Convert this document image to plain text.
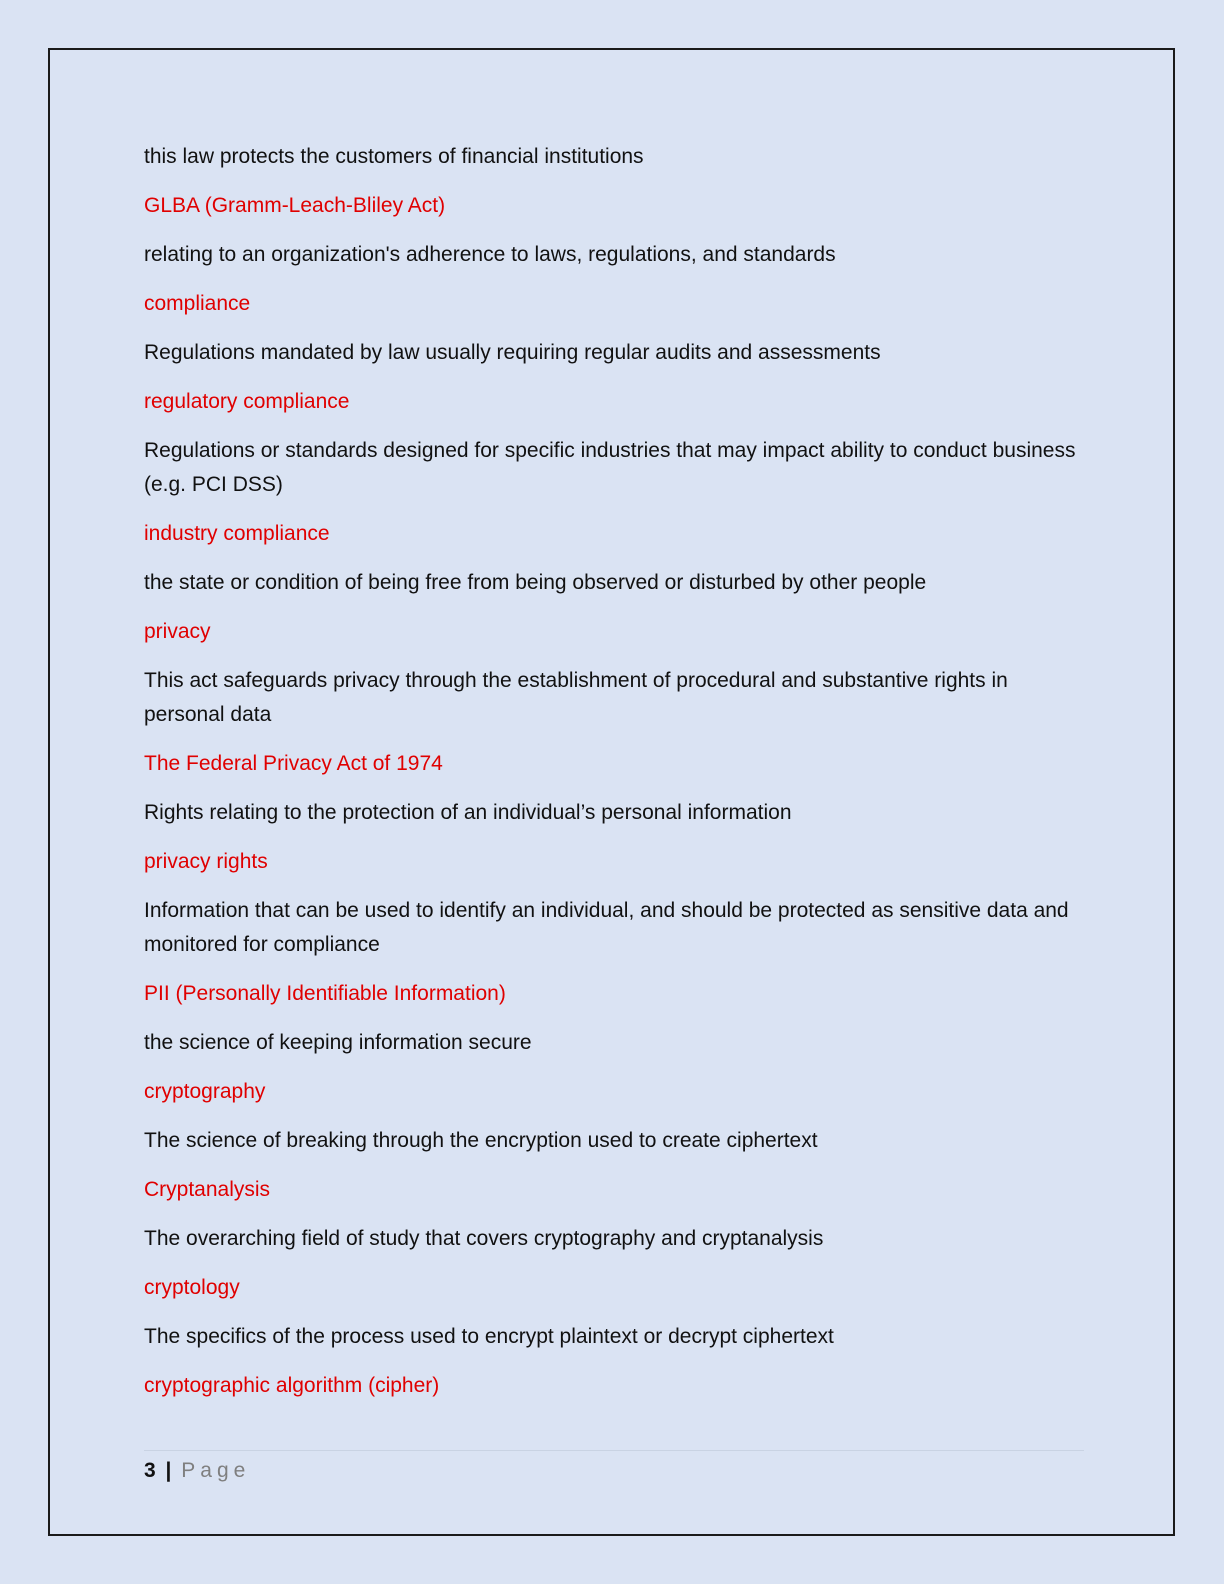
this law protects the customers of financial institutions

GLBA (Gramm-Leach-Bliley Act)

relating to an organization's adherence to laws, regulations, and standards

compliance

Regulations mandated by law usually requiring regular audits and assessments

regulatory compliance

Regulations or standards designed for specific industries that may impact ability to conduct business (e.g. PCI DSS)

industry compliance

the state or condition of being free from being observed or disturbed by other people

privacy

This act safeguards privacy through the establishment of procedural and substantive rights in personal data

The Federal Privacy Act of 1974

Rights relating to the protection of an individual’s personal information

privacy rights

Information that can be used to identify an individual, and should be protected as sensitive data and monitored for compliance

PII (Personally Identifiable Information)

the science of keeping information secure

cryptography

The science of breaking through the encryption used to create ciphertext

Cryptanalysis

The overarching field of study that covers cryptography and cryptanalysis

cryptology

The specifics of the process used to encrypt plaintext or decrypt ciphertext

cryptographic algorithm (cipher)

3 | Page
